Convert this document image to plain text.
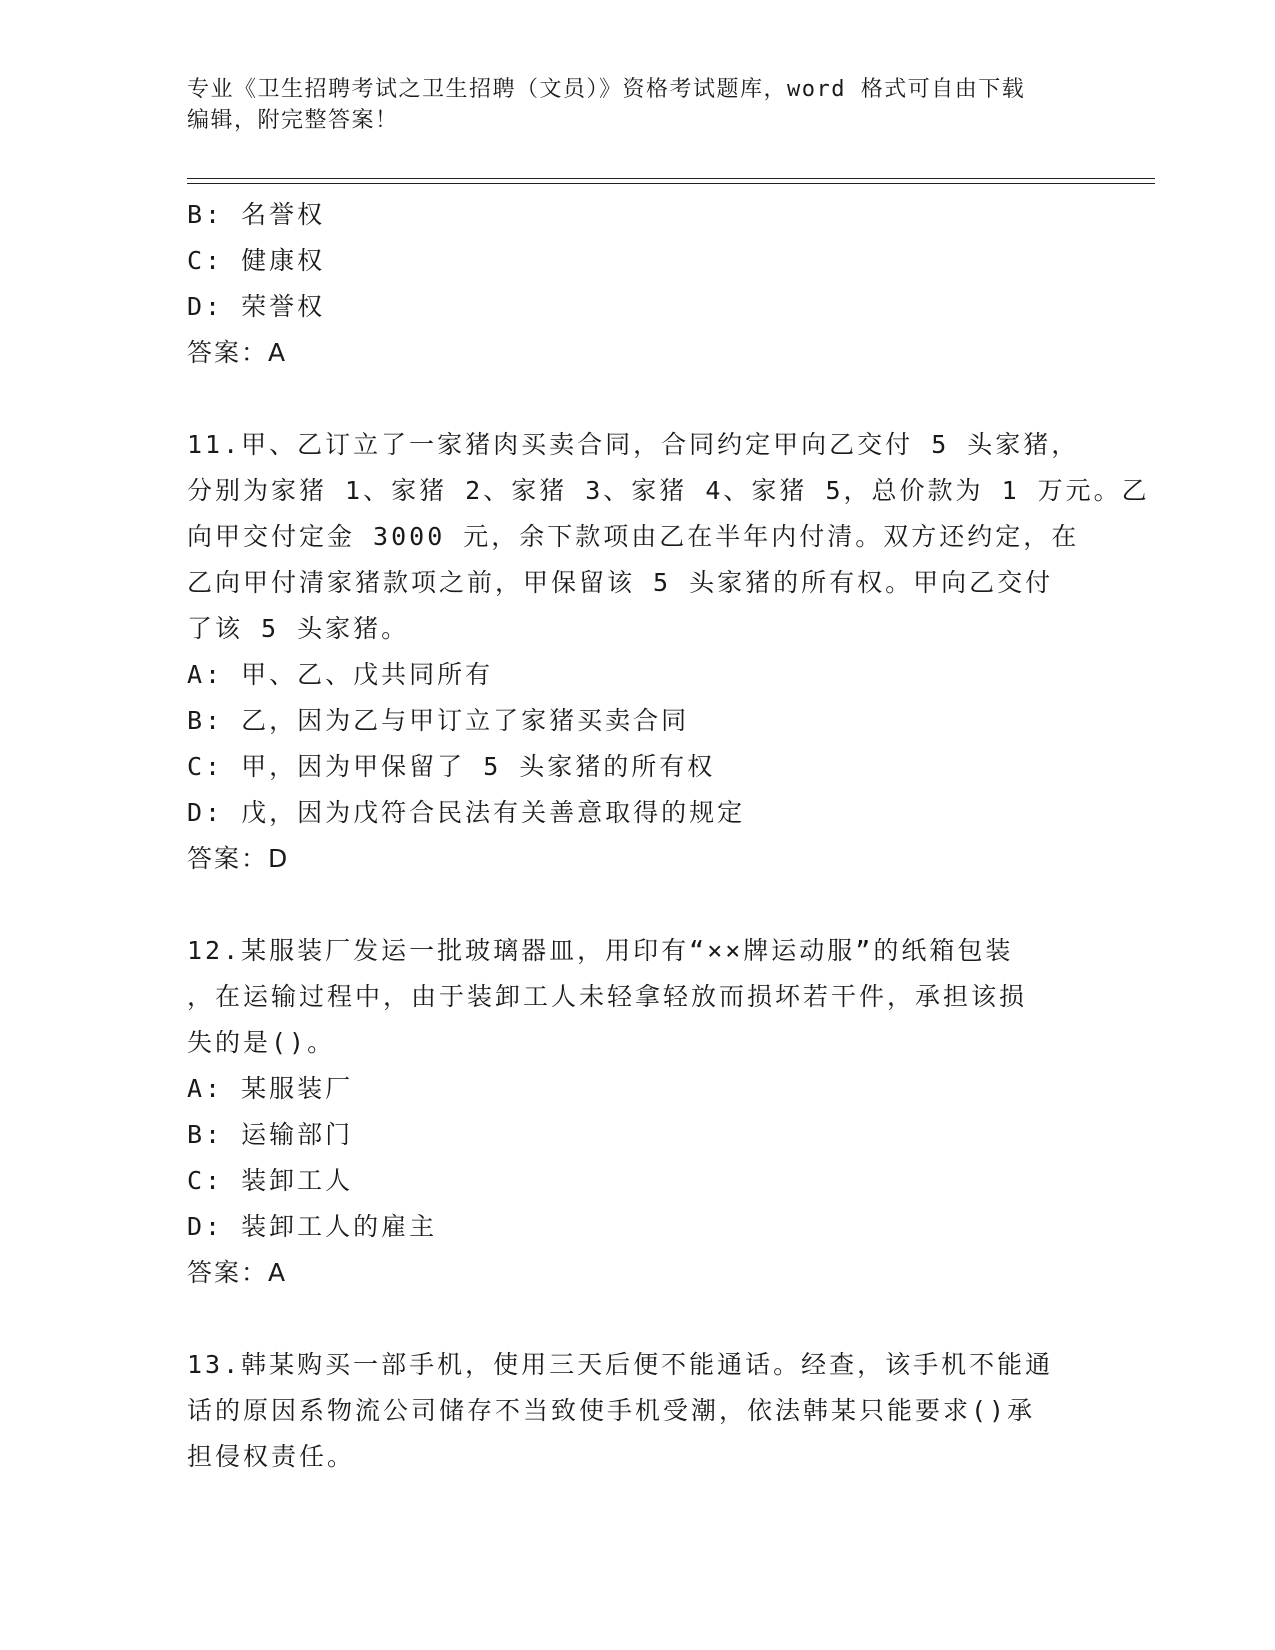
专业《卫生招聘考试之卫生招聘（文员）》资格考试题库，word 格式可自由下载
编辑，附完整答案！
B: 名誉权
C: 健康权
D: 荣誉权
答案：A
11.甲、乙订立了一家猪肉买卖合同，合同约定甲向乙交付 5 头家猪，
分别为家猪 1、家猪 2、家猪 3、家猪 4、家猪 5，总价款为 1 万元。乙
向甲交付定金 3000 元，余下款项由乙在半年内付清。双方还约定，在
乙向甲付清家猪款项之前，甲保留该 5 头家猪的所有权。甲向乙交付
了该 5 头家猪。
A: 甲、乙、戊共同所有
B: 乙，因为乙与甲订立了家猪买卖合同
C: 甲，因为甲保留了 5 头家猪的所有权
D: 戊，因为戊符合民法有关善意取得的规定
答案：D
12.某服装厂发运一批玻璃器皿，用印有“××牌运动服”的纸箱包装
，在运输过程中，由于装卸工人未轻拿轻放而损坏若干件，承担该损
失的是()。
A: 某服装厂
B: 运输部门
C: 装卸工人
D: 装卸工人的雇主
答案：A
13.韩某购买一部手机，使用三天后便不能通话。经查，该手机不能通
话的原因系物流公司储存不当致使手机受潮，依法韩某只能要求()承
担侵权责任。
